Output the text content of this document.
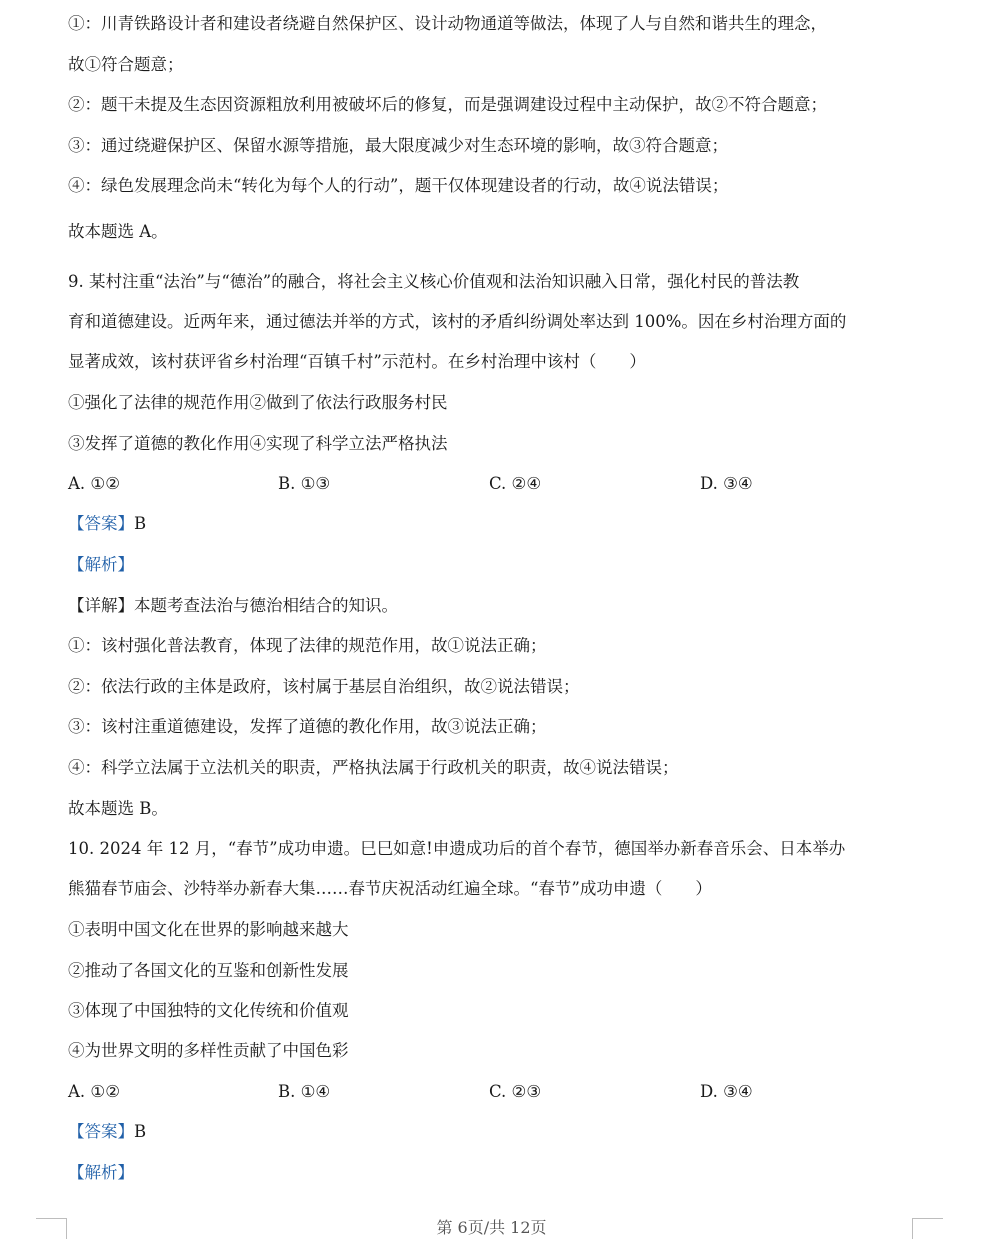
①：川青铁路设计者和建设者绕避自然保护区、设计动物通道等做法，体现了人与自然和谐共生的理念，
故①符合题意；
②：题干未提及生态因资源粗放利用被破坏后的修复，而是强调建设过程中主动保护，故②不符合题意；
③：通过绕避保护区、保留水源等措施，最大限度减少对生态环境的影响，故③符合题意；
④：绿色发展理念尚未“转化为每个人的行动”，题干仅体现建设者的行动，故④说法错误；
故本题选 A。
9. 某村注重“法治”与“德治”的融合，将社会主义核心价值观和法治知识融入日常，强化村民的普法教
育和道德建设。近两年来，通过德法并举的方式，该村的矛盾纠纷调处率达到 100%。因在乡村治理方面的
显著成效，该村获评省乡村治理“百镇千村”示范村。在乡村治理中该村（　　）
①强化了法律的规范作用②做到了依法行政服务村民
③发挥了道德的教化作用④实现了科学立法严格执法
A. ①②	B. ①③	C. ②④	D. ③④
【答案】B
【解析】
【详解】本题考查法治与德治相结合的知识。
①：该村强化普法教育，体现了法律的规范作用，故①说法正确；
②：依法行政的主体是政府，该村属于基层自治组织，故②说法错误；
③：该村注重道德建设，发挥了道德的教化作用，故③说法正确；
④：科学立法属于立法机关的职责，严格执法属于行政机关的职责，故④说法错误；
故本题选 B。
10. 2024 年 12 月，“春节”成功申遗。巳巳如意!申遗成功后的首个春节，德国举办新春音乐会、日本举办
熊猫春节庙会、沙特举办新春大集……春节庆祝活动红遍全球。“春节”成功申遗（　　）
①表明中国文化在世界的影响越来越大
②推动了各国文化的互鉴和创新性发展
③体现了中国独特的文化传统和价值观
④为世界文明的多样性贡献了中国色彩
A. ①②	B. ①④	C. ②③	D. ③④
【答案】B
【解析】
第 6页/共 12页
